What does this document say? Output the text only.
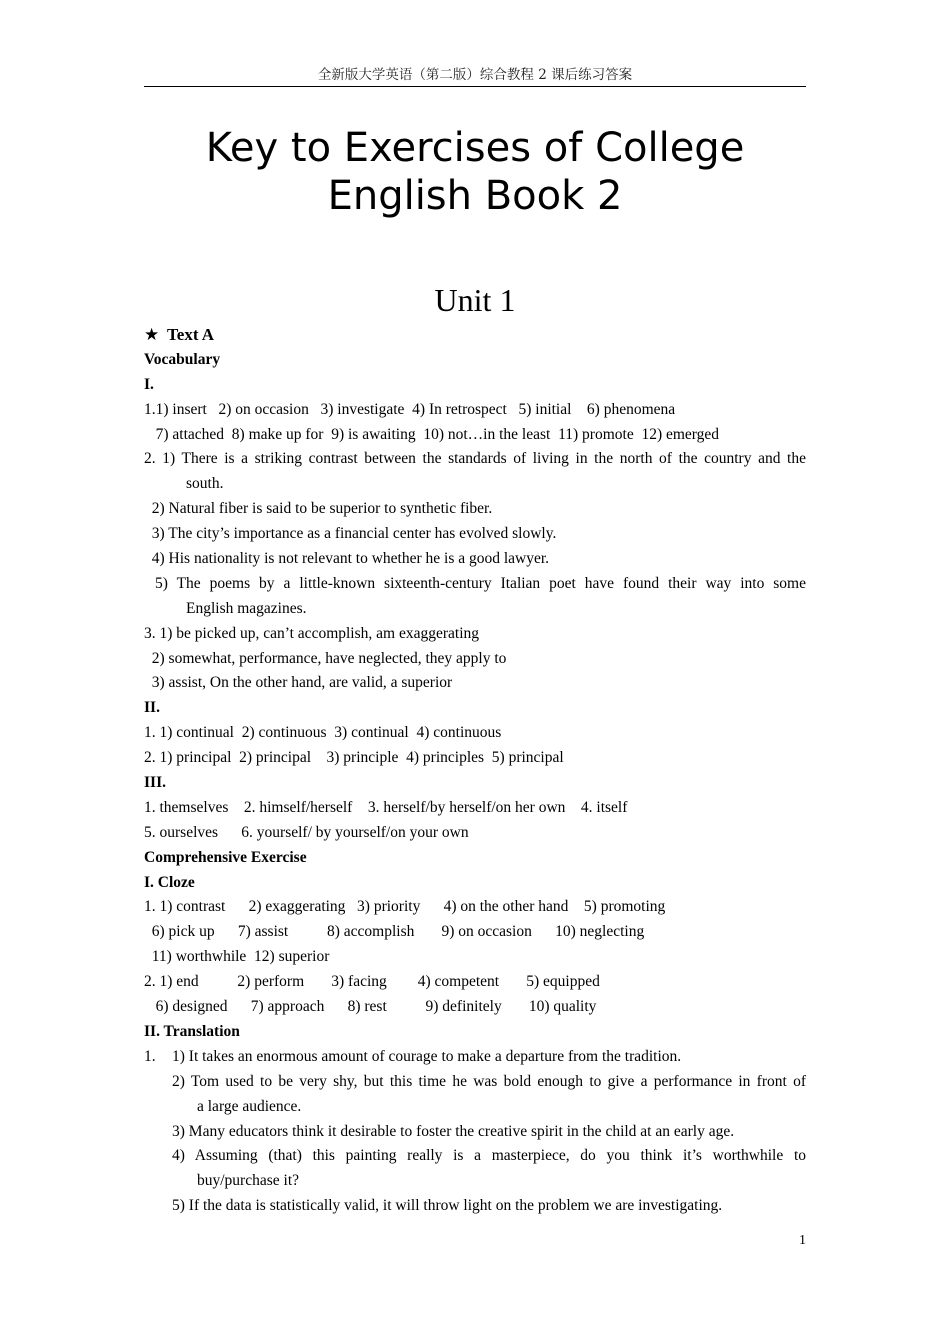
全新版大学英语（第二版）综合教程 2 课后练习答案
Key to Exercises of College
English Book 2
Unit 1
★ Text A
Vocabulary
I.
1.1) insert   2) on occasion   3) investigate  4) In retrospect   5) initial    6) phenomena
7) attached  8) make up for  9) is awaiting  10) not…in the least  11) promote  12) emerged
2. 1) There is a striking contrast between the standards of living in the north of the country and the
south.
2) Natural fiber is said to be superior to synthetic fiber.
3) The city’s importance as a financial center has evolved slowly.
4) His nationality is not relevant to whether he is a good lawyer.
5) The poems by a little-known sixteenth-century Italian poet have found their way into some
English magazines.
3. 1) be picked up, can’t accomplish, am exaggerating
2) somewhat, performance, have neglected, they apply to
3) assist, On the other hand, are valid, a superior
II.
1. 1) continual  2) continuous  3) continual  4) continuous
2. 1) principal  2) principal    3) principle  4) principles  5) principal
III.
1. themselves    2. himself/herself    3. herself/by herself/on her own    4. itself
5. ourselves      6. yourself/ by yourself/on your own
Comprehensive Exercise
I. Cloze
1. 1) contrast      2) exaggerating   3) priority      4) on the other hand    5) promoting
6) pick up      7) assist          8) accomplish       9) on occasion      10) neglecting
11) worthwhile  12) superior
2. 1) end          2) perform       3) facing        4) competent       5) equipped
6) designed      7) approach      8) rest          9) definitely       10) quality
II. Translation
1. 1) It takes an enormous amount of courage to make a departure from the tradition.
2) Tom used to be very shy, but this time he was bold enough to give a performance in front of
a large audience.
3) Many educators think it desirable to foster the creative spirit in the child at an early age.
4) Assuming (that) this painting really is a masterpiece, do you think it’s worthwhile to
buy/purchase it?
5) If the data is statistically valid, it will throw light on the problem we are investigating.
1
